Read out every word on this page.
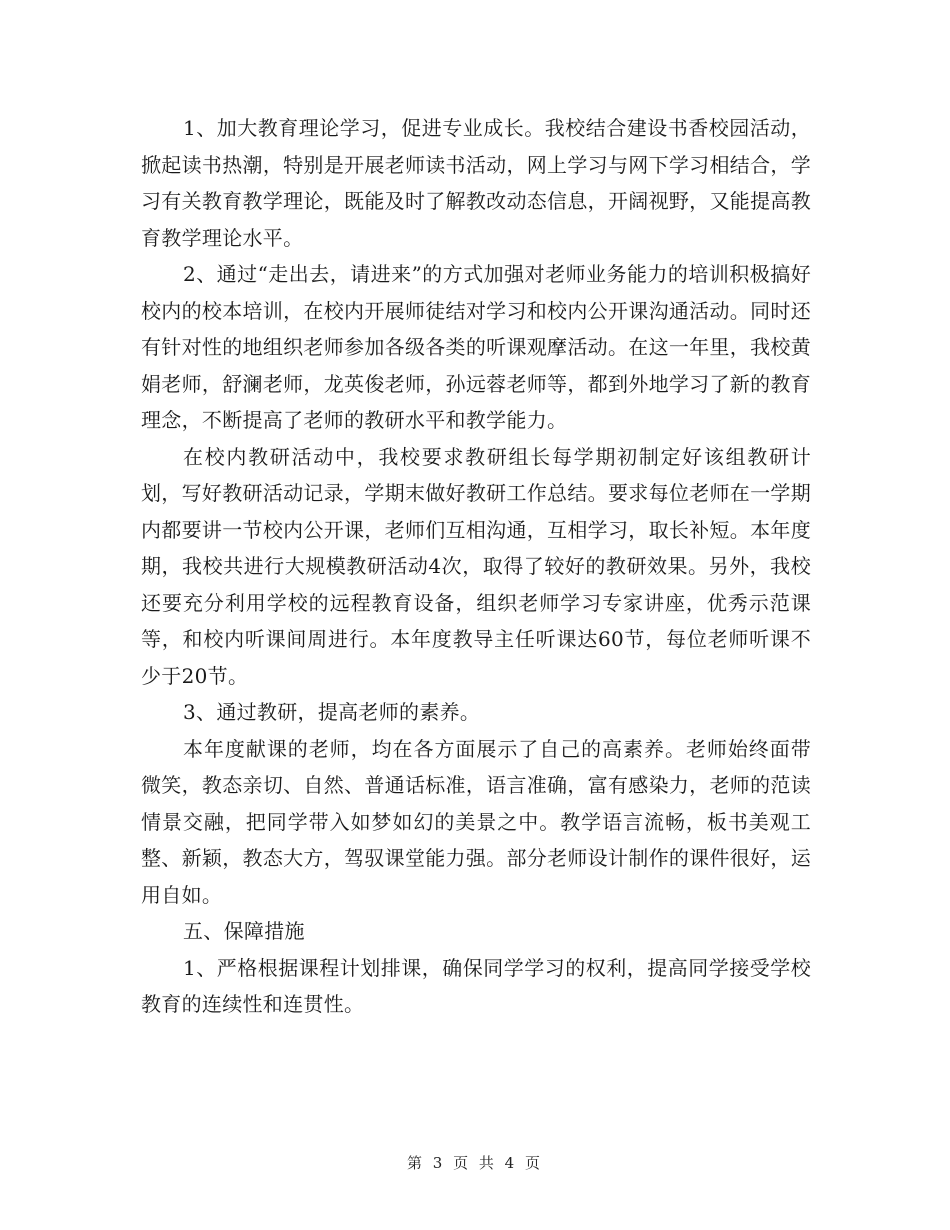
1、加大教育理论学习，促进专业成长。我校结合建设书香校园活动，掀起读书热潮，特别是开展老师读书活动，网上学习与网下学习相结合，学习有关教育教学理论，既能及时了解教改动态信息，开阔视野，又能提高教育教学理论水平。

2、通过“走出去，请进来”的方式加强对老师业务能力的培训积极搞好校内的校本培训，在校内开展师徒结对学习和校内公开课沟通活动。同时还有针对性的地组织老师参加各级各类的听课观摩活动。在这一年里，我校黄娟老师，舒澜老师，龙英俊老师，孙远蓉老师等，都到外地学习了新的教育理念，不断提高了老师的教研水平和教学能力。

在校内教研活动中，我校要求教研组长每学期初制定好该组教研计划，写好教研活动记录，学期末做好教研工作总结。要求每位老师在一学期内都要讲一节校内公开课，老师们互相沟通，互相学习，取长补短。本年度期，我校共进行大规模教研活动4次，取得了较好的教研效果。另外，我校还要充分利用学校的远程教育设备，组织老师学习专家讲座，优秀示范课等，和校内听课间周进行。本年度教导主任听课达60节，每位老师听课不少于20节。

3、通过教研，提高老师的素养。

本年度献课的老师，均在各方面展示了自己的高素养。老师始终面带微笑，教态亲切、自然、普通话标准，语言准确，富有感染力，老师的范读情景交融，把同学带入如梦如幻的美景之中。教学语言流畅，板书美观工整、新颖，教态大方，驾驭课堂能力强。部分老师设计制作的课件很好，运用自如。

五、保障措施

1、严格根据课程计划排课，确保同学学习的权利，提高同学接受学校教育的连续性和连贯性。

第 3 页 共 4 页
